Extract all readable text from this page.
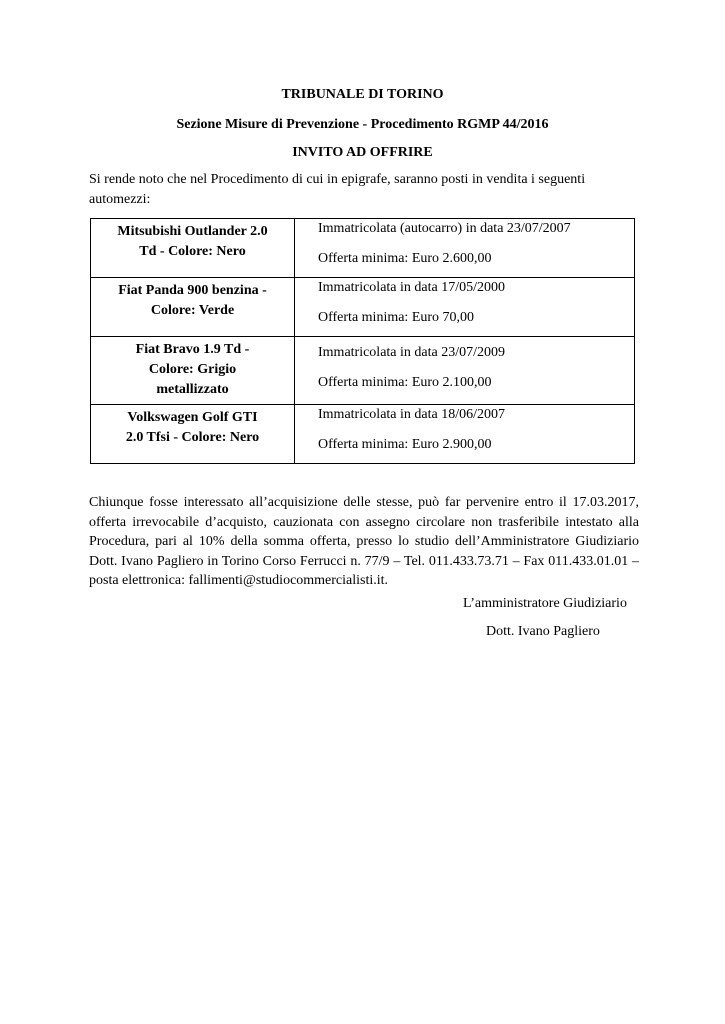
TRIBUNALE DI TORINO
Sezione Misure di Prevenzione - Procedimento RGMP 44/2016
INVITO AD OFFRIRE
Si rende noto che nel Procedimento di cui in epigrafe, saranno posti in vendita i seguenti
automezzi:
Mitsubishi Outlander 2.0
Td - Colore: Nero	Immatricolata (autocarro) in data 23/07/2007
Offerta minima: Euro 2.600,00

Fiat Panda 900 benzina -
Colore: Verde	Immatricolata in data 17/05/2000
Offerta minima: Euro 70,00

Fiat Bravo 1.9 Td -
Colore: Grigio
metallizzato	Immatricolata in data 23/07/2009
Offerta minima: Euro 2.100,00

Volkswagen Golf GTI
2.0 Tfsi - Colore: Nero	Immatricolata in data 18/06/2007
Offerta minima: Euro 2.900,00
Chiunque fosse interessato all’acquisizione delle stesse, può far pervenire entro il 17.03.2017,
offerta irrevocabile d’acquisto, cauzionata con assegno circolare non trasferibile intestato alla
Procedura, pari al 10% della somma offerta, presso lo studio dell’Amministratore Giudiziario
Dott. Ivano Pagliero in Torino Corso Ferrucci n. 77/9 – Tel. 011.433.73.71 – Fax 011.433.01.01 –
posta elettronica: fallimenti@studiocommercialisti.it.
L’amministratore Giudiziario
Dott. Ivano Pagliero
